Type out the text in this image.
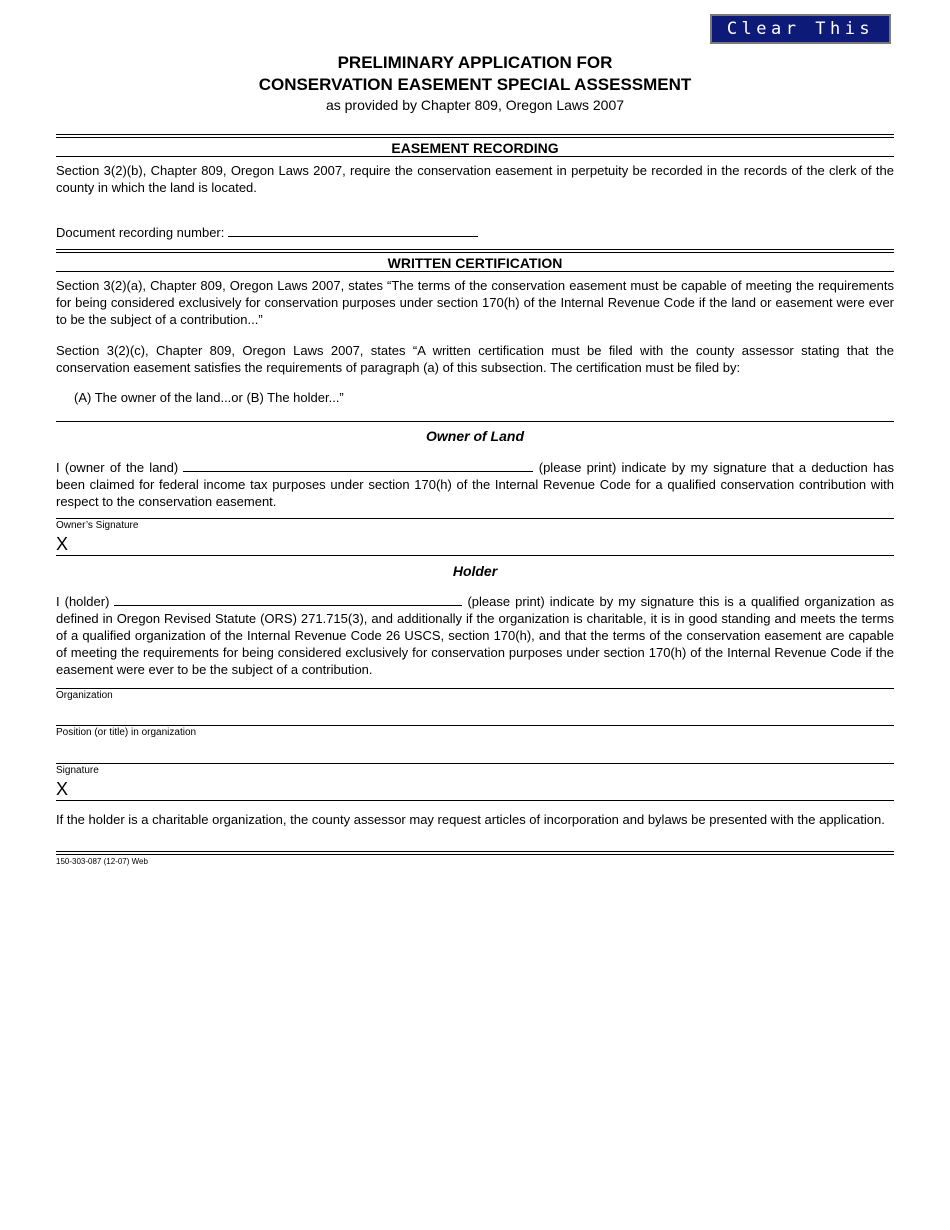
Clear This Page
PRELIMINARY APPLICATION FOR
CONSERVATION EASEMENT SPECIAL ASSESSMENT
as provided by Chapter 809, Oregon Laws 2007
EASEMENT RECORDING

Section 3(2)(b), Chapter 809, Oregon Laws 2007, require the conservation easement in perpetuity be recorded in the records of the clerk of the county in which the land is located.

Document recording number:

WRITTEN CERTIFICATION

Section 3(2)(a), Chapter 809, Oregon Laws 2007, states “The terms of the conservation easement must be capable of meeting the requirements for being considered exclusively for conservation purposes under section 170(h) of the Internal Revenue Code if the land or easement were ever to be the subject of a contribution...”

Section 3(2)(c), Chapter 809, Oregon Laws 2007, states “A written certification must be filed with the county assessor stating that the conservation easement satisfies the requirements of paragraph (a) of this subsection. The certification must be filed by:

(A) The owner of the land...or (B) The holder...”

Owner of Land

I (owner of the land)	(please print) indicate by my signature that a deduction has been claimed for federal income tax purposes under section 170(h) of the Internal Revenue Code for a qualified conservation contribution with respect to the conservation easement.

Owner’s Signature
X
Holder

I (holder)	(please print) indicate by my signature this is a qualified organization as defined in Oregon Revised Statute (ORS) 271.715(3), and additionally if the organization is charitable, it is in good standing and meets the terms of a qualified organization of the Internal Revenue Code 26 USCS, section 170(h), and that the terms of the conservation easement are capable of meeting the requirements for being considered exclusively for conservation purposes under section 170(h) of the Internal Revenue Code if the easement were ever to be the subject of a contribution.

Organization
Position (or title) in organization
Signature
X

If the holder is a charitable organization, the county assessor may request articles of incorporation and bylaws be presented with the application.

150-303-087 (12-07) Web
